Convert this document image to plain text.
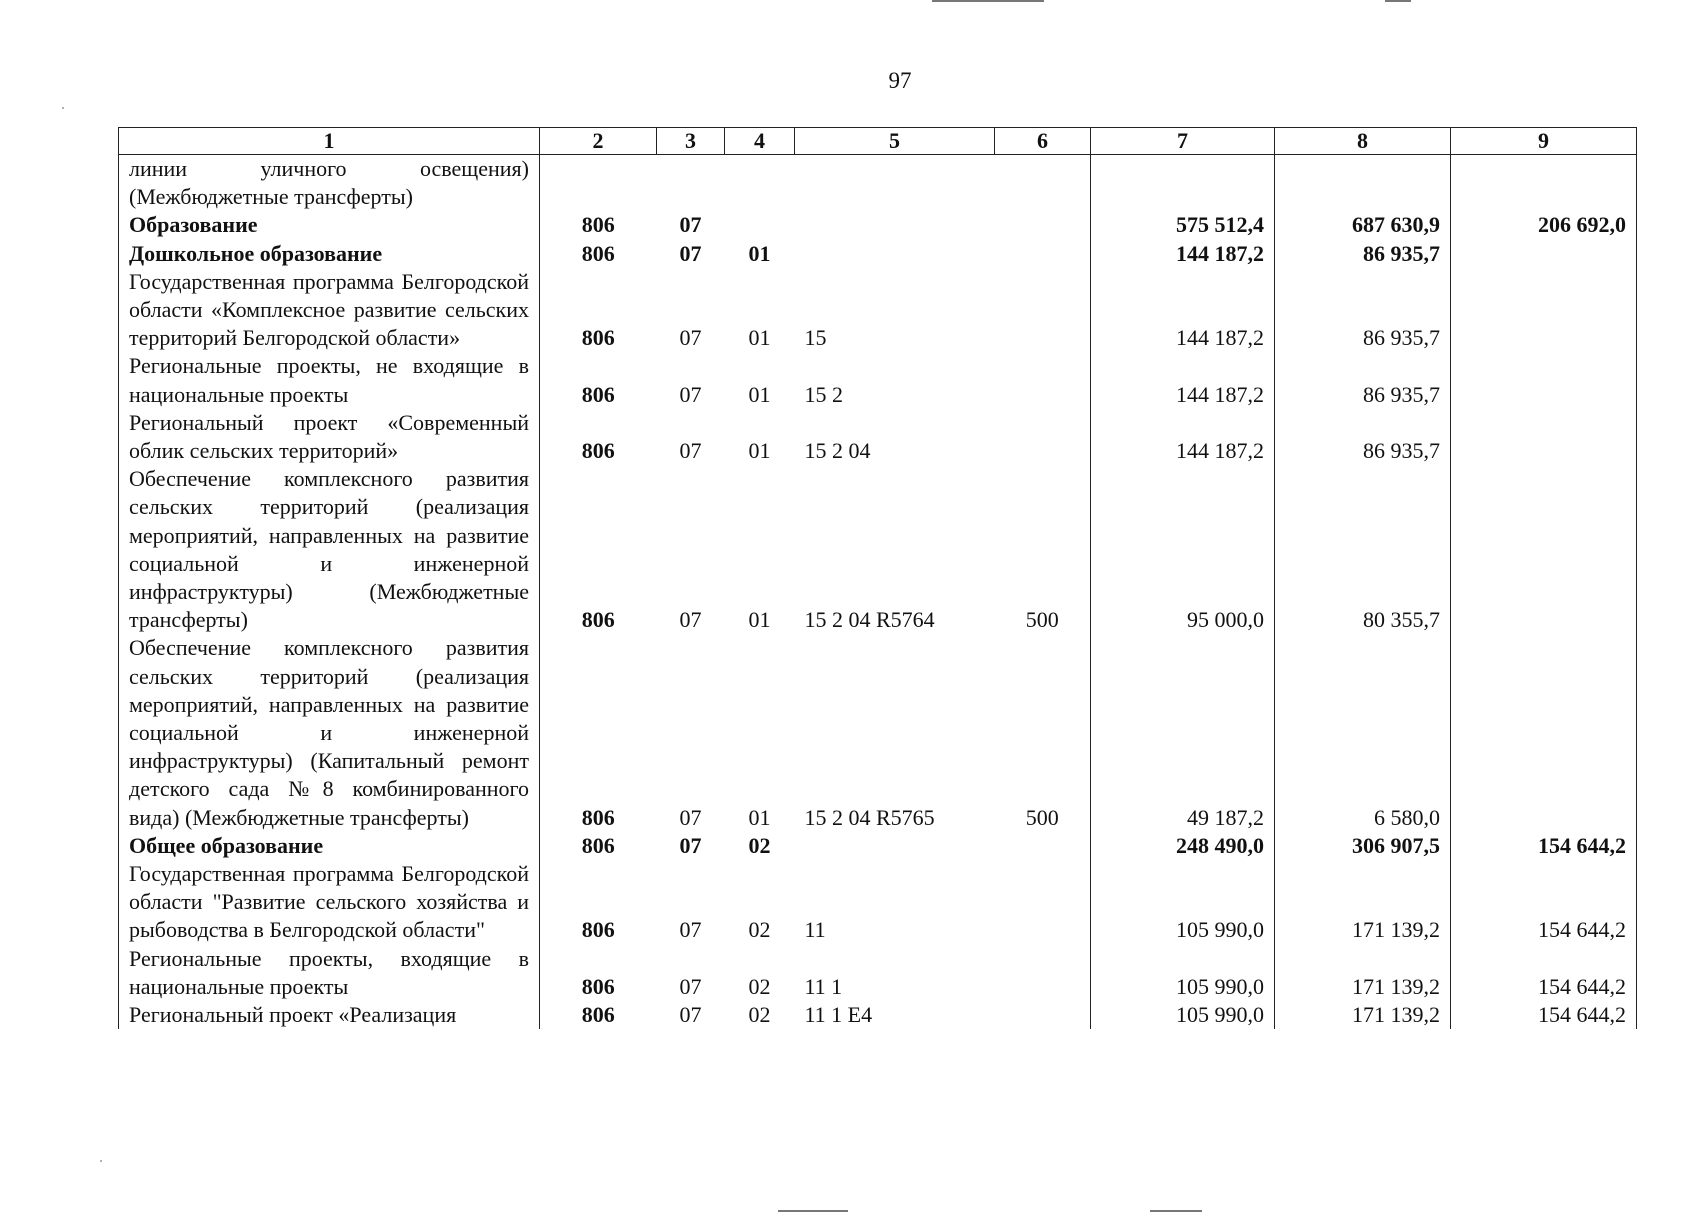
97
1	2	3	4	5	6	7	8	9
линии уличного освещения) (Межбюджетные трансферты)								
Образование	806	07				575 512,4	687 630,9	206 692,0
Дошкольное образование	806	07	01			144 187,2	86 935,7	
Государственная программа Белгородской области «Комплексное развитие сельских территорий Белгородской области»	806	07	01	15		144 187,2	86 935,7	
Региональные проекты, не входящие в национальные проекты	806	07	01	15 2		144 187,2	86 935,7	
Региональный проект «Современный облик сельских территорий»	806	07	01	15 2 04		144 187,2	86 935,7	
Обеспечение комплексного развития сельских территорий (реализация мероприятий, направленных на развитие социальной и инженерной инфраструктуры) (Межбюджетные трансферты)	806	07	01	15 2 04 R5764	500	95 000,0	80 355,7	
Обеспечение комплексного развития сельских территорий (реализация мероприятий, направленных на развитие социальной и инженерной инфраструктуры) (Капитальный ремонт детского сада №8 комбинированного вида) (Межбюджетные трансферты)	806	07	01	15 2 04 R5765	500	49 187,2	6 580,0	
Общее образование	806	07	02			248 490,0	306 907,5	154 644,2
Государственная программа Белгородской области "Развитие сельского хозяйства и рыбоводства в Белгородской области"	806	07	02	11		105 990,0	171 139,2	154 644,2
Региональные проекты, входящие в национальные проекты	806	07	02	11 1		105 990,0	171 139,2	154 644,2
Региональный проект «Реализация	806	07	02	11 1 E4		105 990,0	171 139,2	154 644,2
